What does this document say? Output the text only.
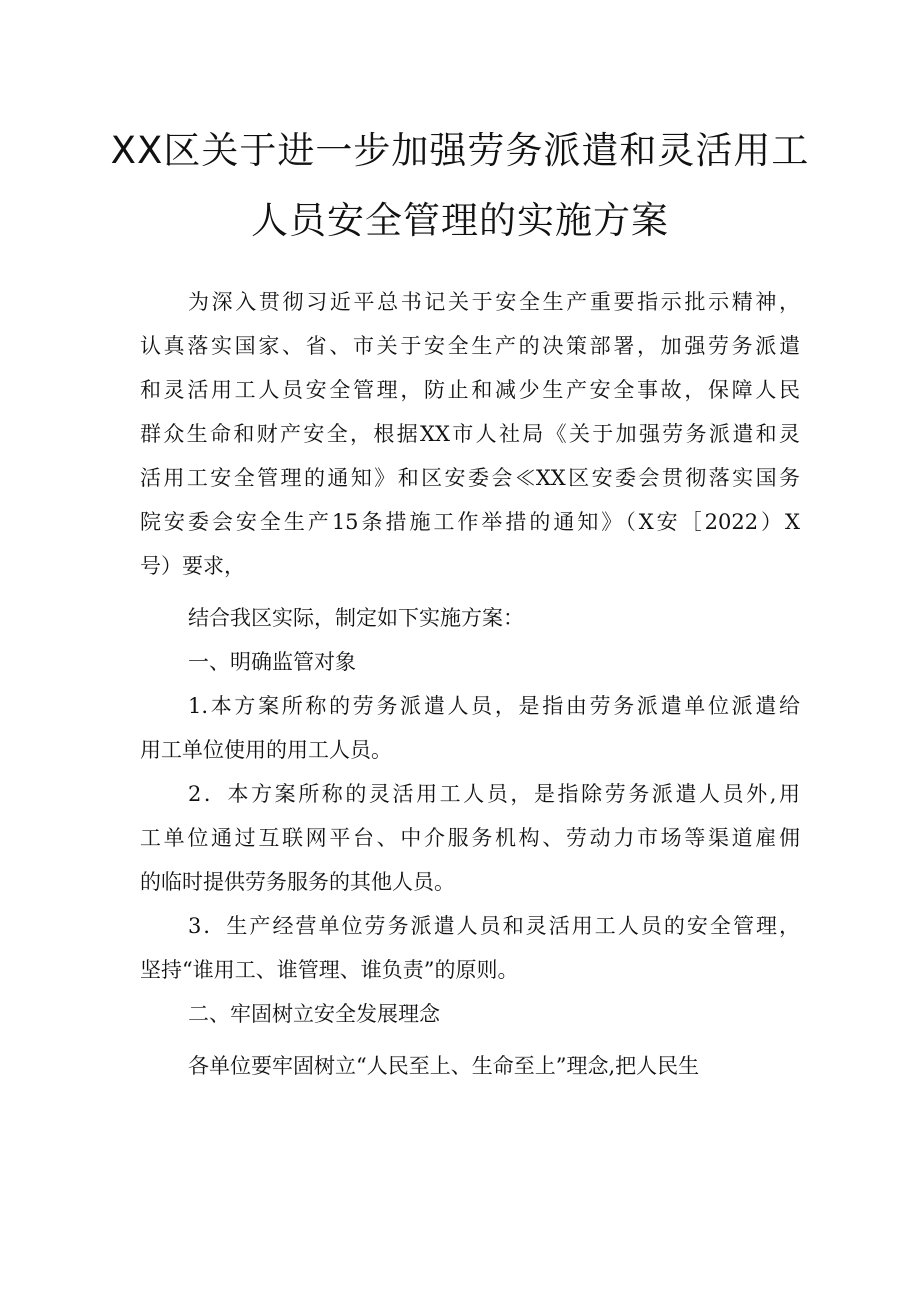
XX区关于进一步加强劳务派遣和灵活用工
人员安全管理的实施方案
为深入贯彻习近平总书记关于安全生产重要指示批示精神，
认真落实国家、省、市关于安全生产的决策部署，加强劳务派遣
和灵活用工人员安全管理，防止和减少生产安全事故，保障人民
群众生命和财产安全，根据XX市人社局《关于加强劳务派遣和灵
活用工安全管理的通知》和区安委会≪XX区安委会贯彻落实国务
院安委会安全生产15条措施工作举措的通知》（X安［2022）X
号）要求，
结合我区实际，制定如下实施方案：
一、明确监管对象
1.本方案所称的劳务派遣人员，是指由劳务派遣单位派遣给
用工单位使用的用工人员。
2．本方案所称的灵活用工人员，是指除劳务派遣人员外,用
工单位通过互联网平台、中介服务机构、劳动力市场等渠道雇佣
的临时提供劳务服务的其他人员。
3．生产经营单位劳务派遣人员和灵活用工人员的安全管理，
坚持“谁用工、谁管理、谁负责”的原则。
二、牢固树立安全发展理念
各单位要牢固树立“人民至上、生命至上”理念,把人民生
